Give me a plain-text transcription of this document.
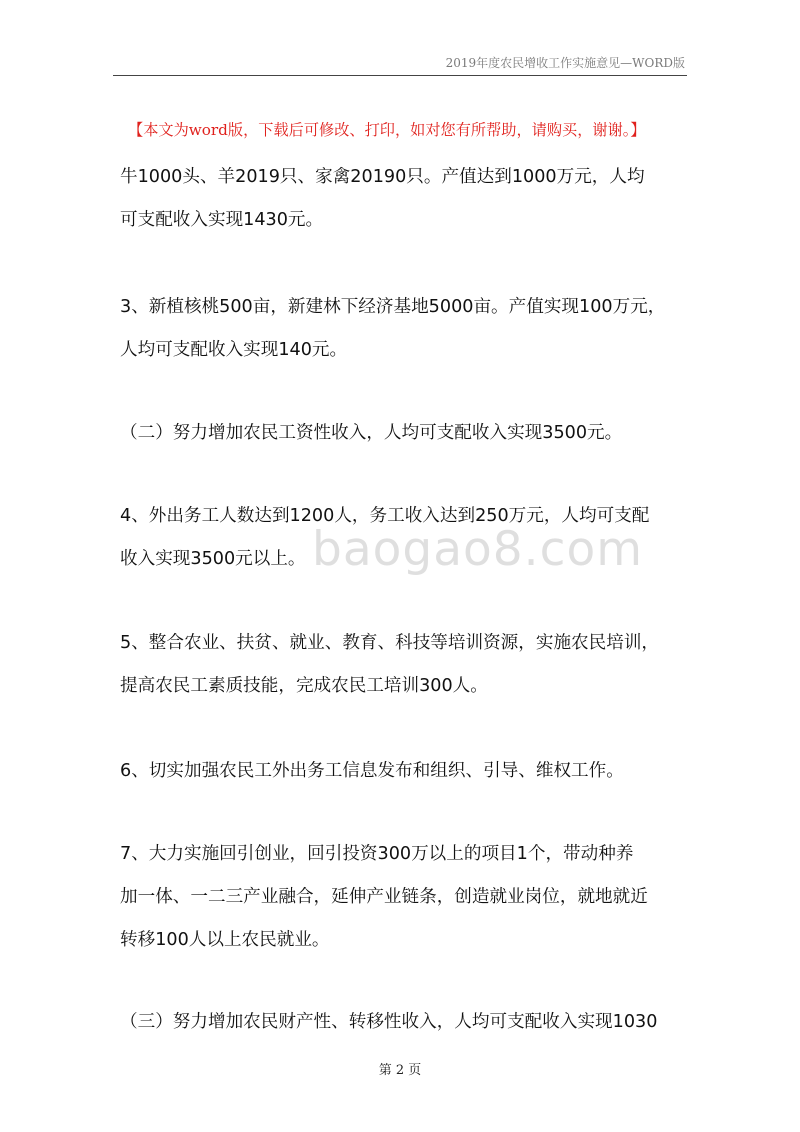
2019年度农民增收工作实施意见—WORD版
【本文为word版，下载后可修改、打印，如对您有所帮助，请购买，谢谢。】
牛1000头、羊2019只、家禽20190只。产值达到1000万元，人均
可支配收入实现1430元。
3、新植核桃500亩，新建林下经济基地5000亩。产值实现100万元，
人均可支配收入实现140元。
（二）努力增加农民工资性收入，人均可支配收入实现3500元。
4、外出务工人数达到1200人，务工收入达到250万元，人均可支配
收入实现3500元以上。
5、整合农业、扶贫、就业、教育、科技等培训资源，实施农民培训，
提高农民工素质技能，完成农民工培训300人。
6、切实加强农民工外出务工信息发布和组织、引导、维权工作。
7、大力实施回引创业，回引投资300万以上的项目1个，带动种养
加一体、一二三产业融合，延伸产业链条，创造就业岗位，就地就近
转移100人以上农民就业。
（三）努力增加农民财产性、转移性收入，人均可支配收入实现1030
baogao8.com
第 2 页
